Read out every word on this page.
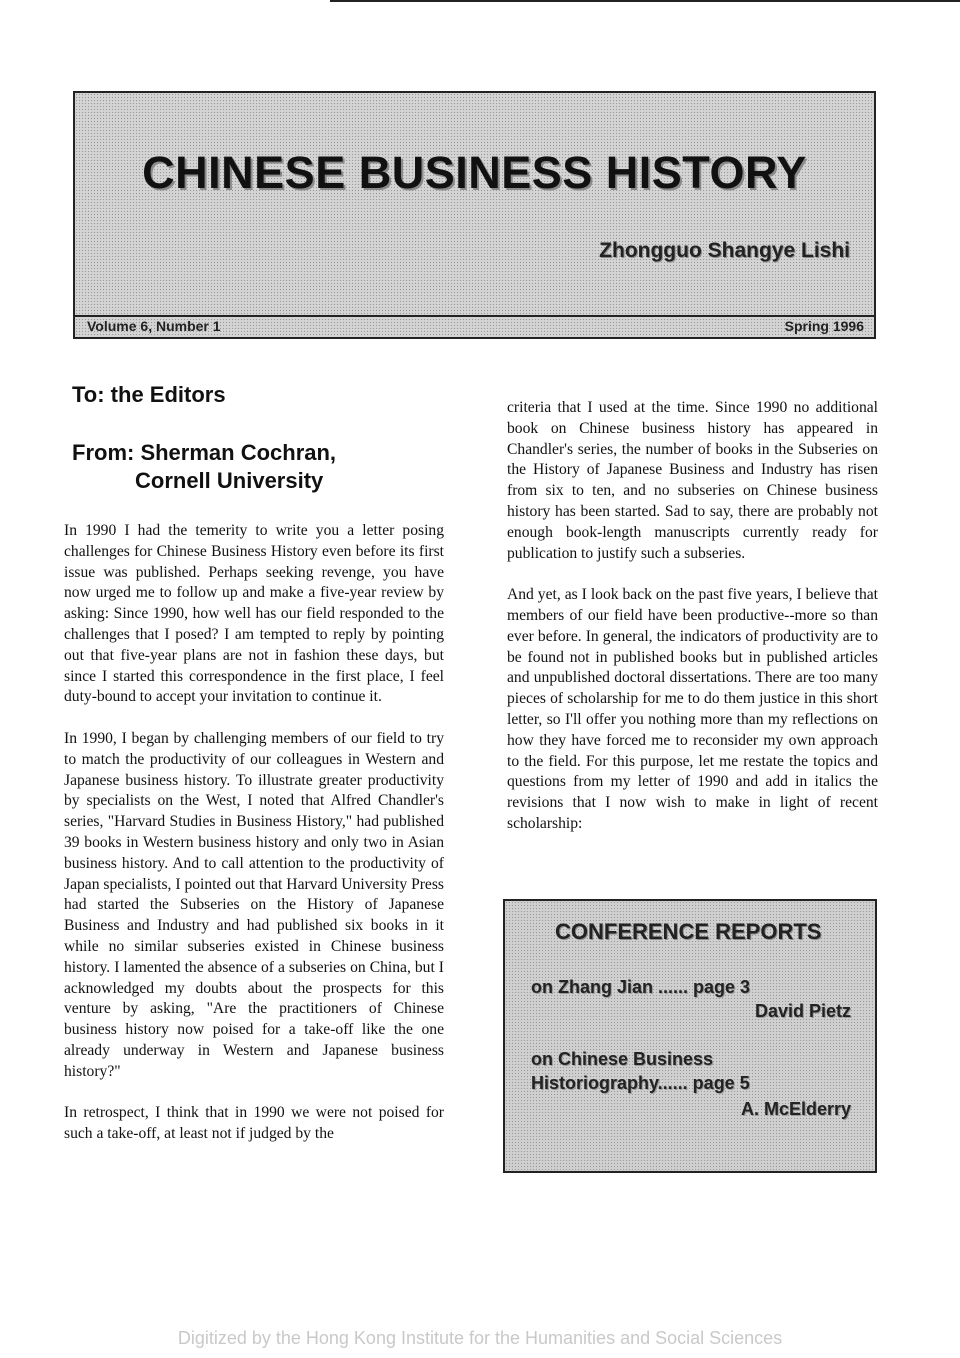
CHINESE BUSINESS HISTORY
Zhongguo Shangye Lishi
Volume 6, Number 1	Spring 1996
To: the Editors
From: Sherman Cochran,
Cornell University

In 1990 I had the temerity to write you a letter posing challenges for Chinese Business History even before its first issue was published. Perhaps seeking revenge, you have now urged me to follow up and make a five-year review by asking: Since 1990, how well has our field responded to the challenges that I posed? I am tempted to reply by pointing out that five-year plans are not in fashion these days, but since I started this correspondence in the first place, I feel duty-bound to accept your invitation to continue it.

In 1990, I began by challenging members of our field to try to match the productivity of our colleagues in Western and Japanese business history. To illustrate greater productivity by specialists on the West, I noted that Alfred Chandler's series, "Harvard Studies in Business History," had published 39 books in Western business history and only two in Asian business history. And to call attention to the productivity of Japan specialists, I pointed out that Harvard University Press had started the Subseries on the History of Japanese Business and Industry and had published six books in it while no similar subseries existed in Chinese business history. I lamented the absence of a subseries on China, but I acknowledged my doubts about the prospects for this venture by asking, "Are the practitioners of Chinese business history now poised for a take-off like the one already underway in Western and Japanese business history?"

In retrospect, I think that in 1990 we were not poised for such a take-off, at least not if judged by the

criteria that I used at the time. Since 1990 no additional book on Chinese business history has appeared in Chandler's series, the number of books in the Subseries on the History of Japanese Business and Industry has risen from six to ten, and no subseries on Chinese business history has been started. Sad to say, there are probably not enough book-length manuscripts currently ready for publication to justify such a subseries.

And yet, as I look back on the past five years, I believe that members of our field have been productive--more so than ever before. In general, the indicators of productivity are to be found not in published books but in published articles and unpublished doctoral dissertations. There are too many pieces of scholarship for me to do them justice in this short letter, so I'll offer you nothing more than my reflections on how they have forced me to reconsider my own approach to the field. For this purpose, let me restate the topics and questions from my letter of 1990 and add in italics the revisions that I now wish to make in light of recent scholarship:

CONFERENCE REPORTS
on Zhang Jian ...... page 3
David Pietz
on Chinese Business
Historiography...... page 5
A. McElderry
Digitized by the Hong Kong Institute for the Humanities and Social Sciences
